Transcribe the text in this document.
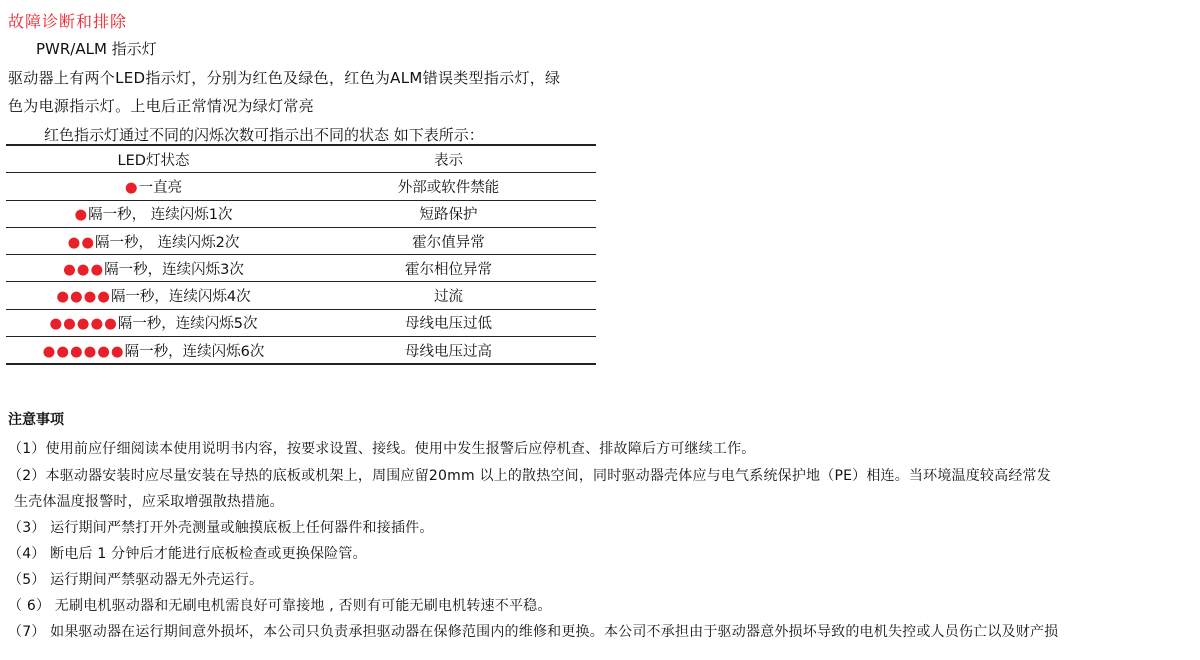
故障诊断和排除
PWR/ALM 指示灯
驱动器上有两个LED指示灯，分别为红色及绿色，红色为ALM错误类型指示灯，绿
色为电源指示灯。上电后正常情况为绿灯常亮
红色指示灯通过不同的闪烁次数可指示出不同的状态 如下表所示：
LED灯状态	表示
●一直亮	外部或软件禁能
●隔一秒， 连续闪烁1次	短路保护
●●隔一秒， 连续闪烁2次	霍尔值异常
●●●隔一秒，连续闪烁3次	霍尔相位异常
●●●●隔一秒，连续闪烁4次	过流
●●●●●隔一秒，连续闪烁5次	母线电压过低
●●●●●●隔一秒，连续闪烁6次	母线电压过高
注意事项
（1）使用前应仔细阅读本使用说明书内容，按要求设置、接线。使用中发生报警后应停机查、排故障后方可继续工作。
（2）本驱动器安装时应尽量安装在导热的底板或机架上，周围应留20mm 以上的散热空间，同时驱动器壳体应与电气系统保护地（PE）相连。当环境温度较高经常发
生壳体温度报警时，应采取增强散热措施。
（3） 运行期间严禁打开外壳测量或触摸底板上任何器件和接插件。
（4） 断电后 1 分钟后才能进行底板检查或更换保险管。
（5） 运行期间严禁驱动器无外壳运行。
（ 6） 无刷电机驱动器和无刷电机需良好可靠接地 , 否则有可能无刷电机转速不平稳。
（7） 如果驱动器在运行期间意外损坏，本公司只负责承担驱动器在保修范围内的维修和更换。本公司不承担由于驱动器意外损坏导致的电机失控或人员伤亡以及财产损
